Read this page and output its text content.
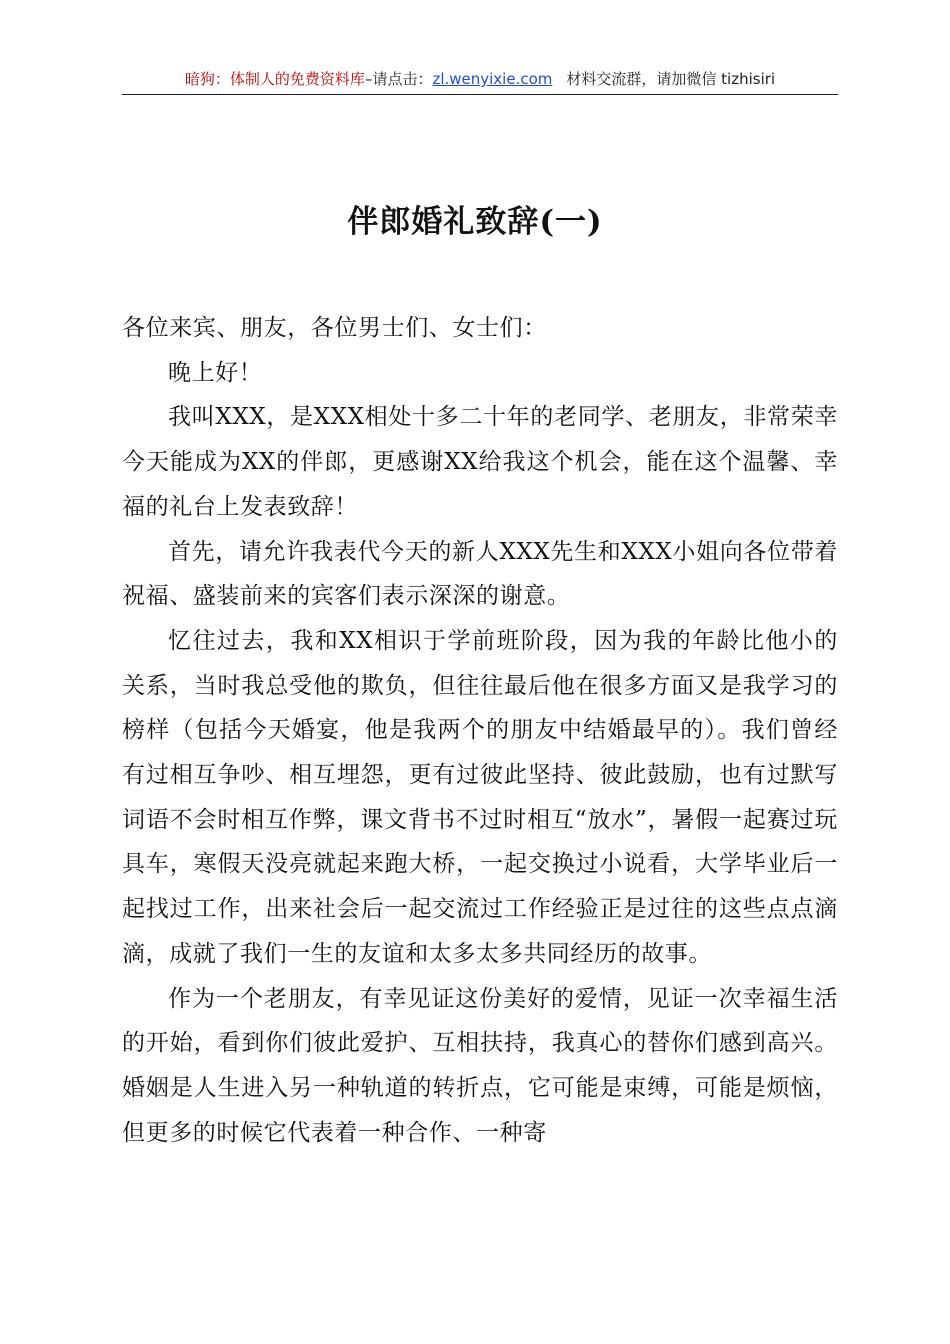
暗狗：体制人的免费资料库–请点击：zl.wenyixie.com 材料交流群，请加微信 tizhisiri
伴郎婚礼致辞(一)

各位来宾、朋友，各位男士们、女士们：

晚上好！

我叫XXX，是XXX相处十多二十年的老同学、老朋友，非常荣幸今天能成为XX的伴郎，更感谢XX给我这个机会，能在这个温馨、幸福的礼台上发表致辞！

首先，请允许我表代今天的新人XXX先生和XXX小姐向各位带着祝福、盛装前来的宾客们表示深深的谢意。

忆往过去，我和XX相识于学前班阶段，因为我的年龄比他小的关系，当时我总受他的欺负，但往往最后他在很多方面又是我学习的榜样（包括今天婚宴，他是我两个的朋友中结婚最早的）。我们曾经有过相互争吵、相互埋怨，更有过彼此坚持、彼此鼓励，也有过默写词语不会时相互作弊，课文背书不过时相互“放水”，暑假一起赛过玩具车，寒假天没亮就起来跑大桥，一起交换过小说看，大学毕业后一起找过工作，出来社会后一起交流过工作经验正是过往的这些点点滴滴，成就了我们一生的友谊和太多太多共同经历的故事。

作为一个老朋友，有幸见证这份美好的爱情，见证一次幸福生活的开始，看到你们彼此爱护、互相扶持，我真心的替你们感到高兴。婚姻是人生进入另一种轨道的转折点，它可能是束缚，可能是烦恼，但更多的时候它代表着一种合作、一种寄
